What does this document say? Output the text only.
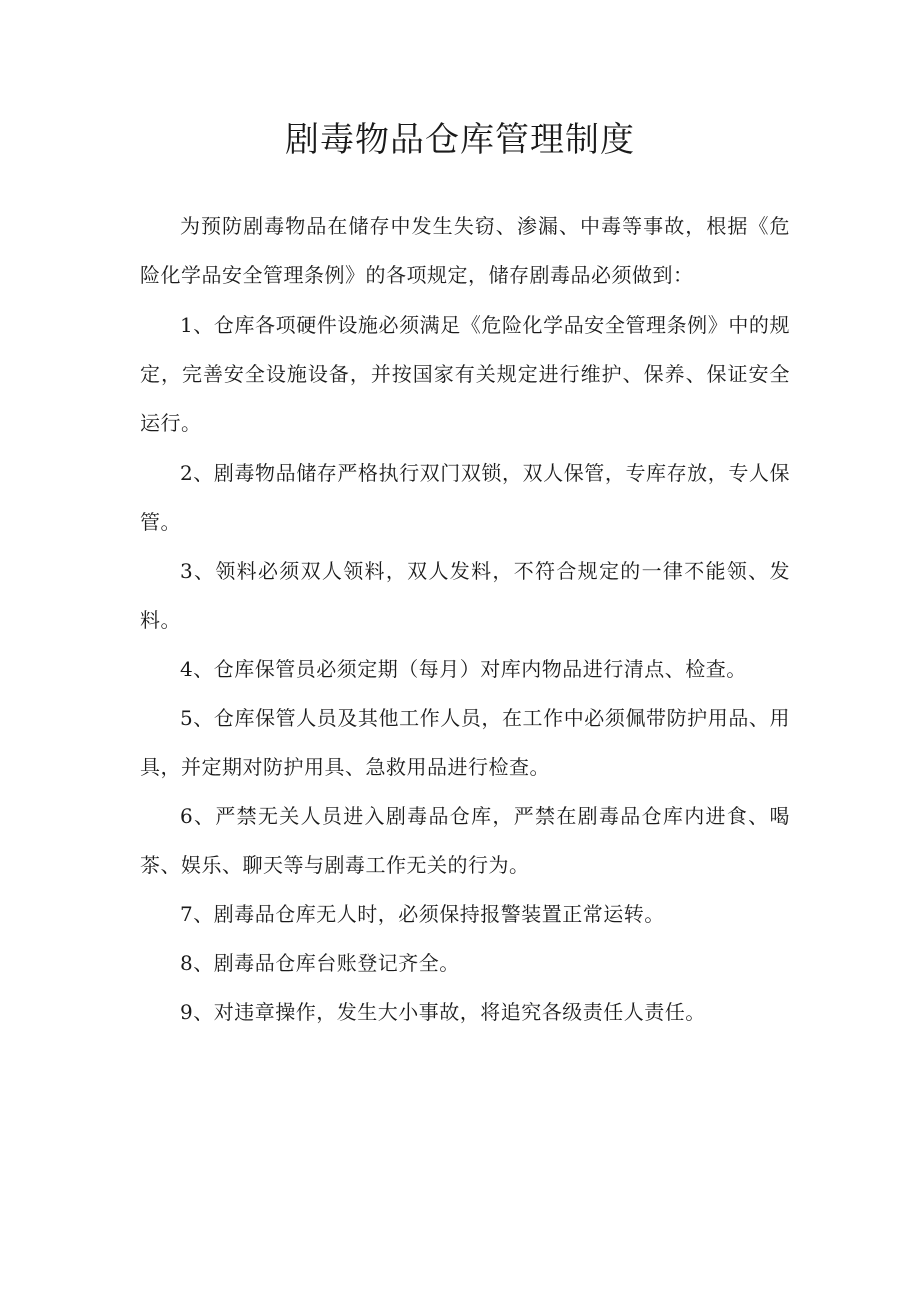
剧毒物品仓库管理制度

为预防剧毒物品在储存中发生失窃、渗漏、中毒等事故，根据《危险化学品安全管理条例》的各项规定，储存剧毒品必须做到：

1、仓库各项硬件设施必须满足《危险化学品安全管理条例》中的规定，完善安全设施设备，并按国家有关规定进行维护、保养、保证安全运行。

2、剧毒物品储存严格执行双门双锁，双人保管，专库存放，专人保管。

3、领料必须双人领料，双人发料，不符合规定的一律不能领、发料。

4、仓库保管员必须定期（每月）对库内物品进行清点、检查。

5、仓库保管人员及其他工作人员，在工作中必须佩带防护用品、用具，并定期对防护用具、急救用品进行检查。

6、严禁无关人员进入剧毒品仓库，严禁在剧毒品仓库内进食、喝茶、娱乐、聊天等与剧毒工作无关的行为。

7、剧毒品仓库无人时，必须保持报警装置正常运转。

8、剧毒品仓库台账登记齐全。

9、对违章操作，发生大小事故，将追究各级责任人责任。
